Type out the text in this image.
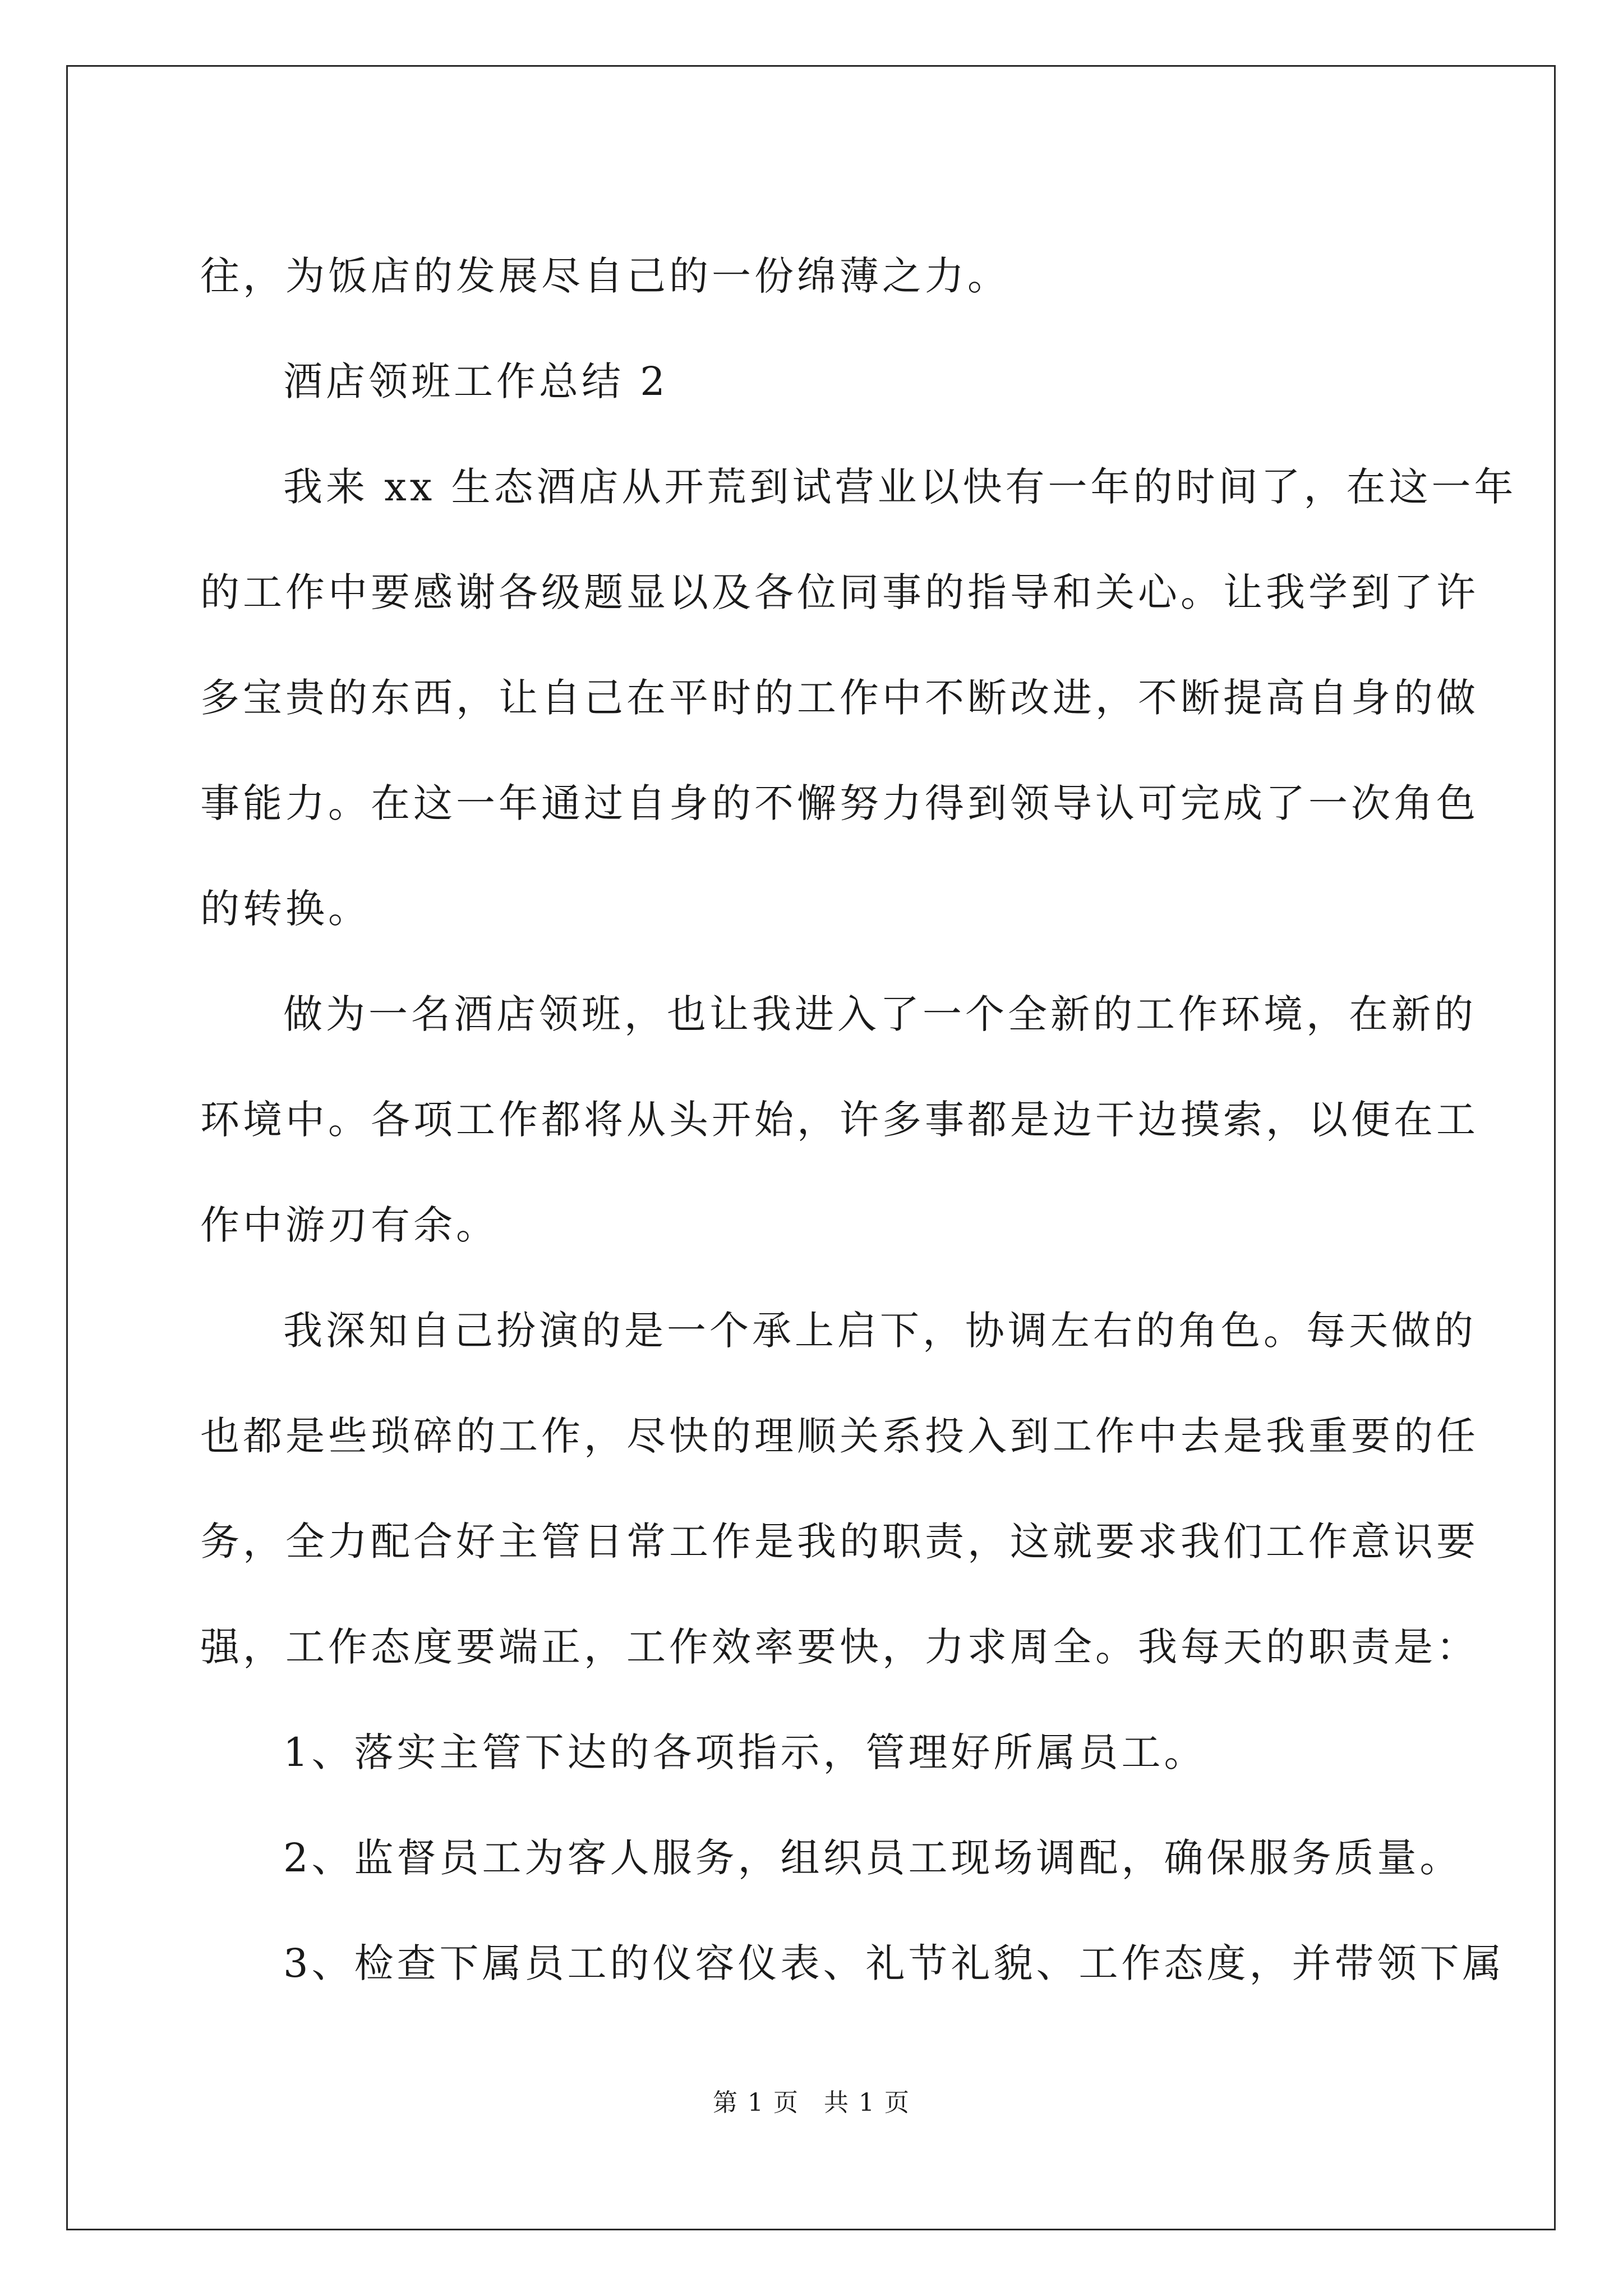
往，为饭店的发展尽自己的一份绵薄之力。
酒店领班工作总结 2
我来 xx 生态酒店从开荒到试营业以快有一年的时间了，在这一年
的工作中要感谢各级题显以及各位同事的指导和关心。让我学到了许
多宝贵的东西，让自己在平时的工作中不断改进，不断提高自身的做
事能力。在这一年通过自身的不懈努力得到领导认可完成了一次角色
的转换。
做为一名酒店领班，也让我进入了一个全新的工作环境，在新的
环境中。各项工作都将从头开始，许多事都是边干边摸索，以便在工
作中游刃有余。
我深知自己扮演的是一个承上启下，协调左右的角色。每天做的
也都是些琐碎的工作，尽快的理顺关系投入到工作中去是我重要的任
务，全力配合好主管日常工作是我的职责，这就要求我们工作意识要
强，工作态度要端正，工作效率要快，力求周全。我每天的职责是：
1、落实主管下达的各项指示，管理好所属员工。
2、监督员工为客人服务，组织员工现场调配，确保服务质量。
3、检查下属员工的仪容仪表、礼节礼貌、工作态度，并带领下属
第 1 页 共 1 页
